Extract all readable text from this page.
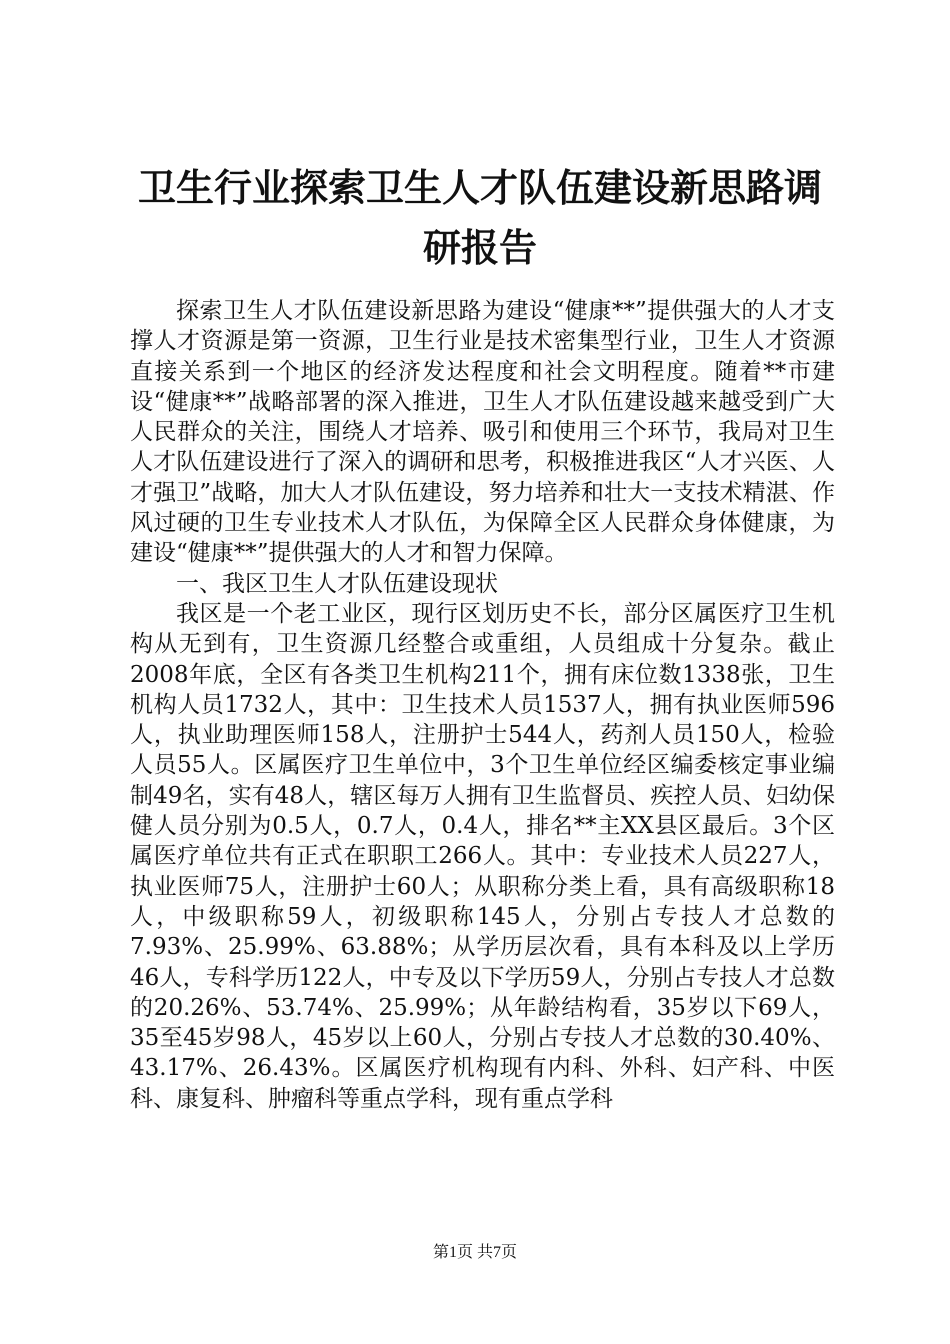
卫生行业探索卫生人才队伍建设新思路调研报告

探索卫生人才队伍建设新思路为建设“健康**”提供强大的人才支撑人才资源是第一资源，卫生行业是技术密集型行业，卫生人才资源直接关系到一个地区的经济发达程度和社会文明程度。随着**市建设“健康**”战略部署的深入推进，卫生人才队伍建设越来越受到广大人民群众的关注，围绕人才培养、吸引和使用三个环节，我局对卫生人才队伍建设进行了深入的调研和思考，积极推进我区“人才兴医、人才强卫”战略，加大人才队伍建设，努力培养和壮大一支技术精湛、作风过硬的卫生专业技术人才队伍，为保障全区人民群众身体健康，为建设“健康**”提供强大的人才和智力保障。

一、我区卫生人才队伍建设现状

我区是一个老工业区，现行区划历史不长，部分区属医疗卫生机构从无到有，卫生资源几经整合或重组，人员组成十分复杂。截止2008年底，全区有各类卫生机构211个，拥有床位数1338张，卫生机构人员1732人，其中：卫生技术人员1537人，拥有执业医师596人，执业助理医师158人，注册护士544人，药剂人员150人，检验人员55人。区属医疗卫生单位中，3个卫生单位经区编委核定事业编制49名，实有48人，辖区每万人拥有卫生监督员、疾控人员、妇幼保健人员分别为0.5人，0.7人，0.4人，排名**主XX县区最后。3个区属医疗单位共有正式在职职工266人。其中：专业技术人员227人，执业医师75人，注册护士60人；从职称分类上看，具有高级职称18人，中级职称59人，初级职称145人，分别占专技人才总数的7.93%、25.99%、63.88%；从学历层次看，具有本科及以上学历46人，专科学历122人，中专及以下学历59人，分别占专技人才总数的20.26%、53.74%、25.99%；从年龄结构看，35岁以下69人，35至45岁98人，45岁以上60人，分别占专技人才总数的30.40%、43.17%、26.43%。区属医疗机构现有内科、外科、妇产科、中医科、康复科、肿瘤科等重点学科，现有重点学科

第1页 共7页
